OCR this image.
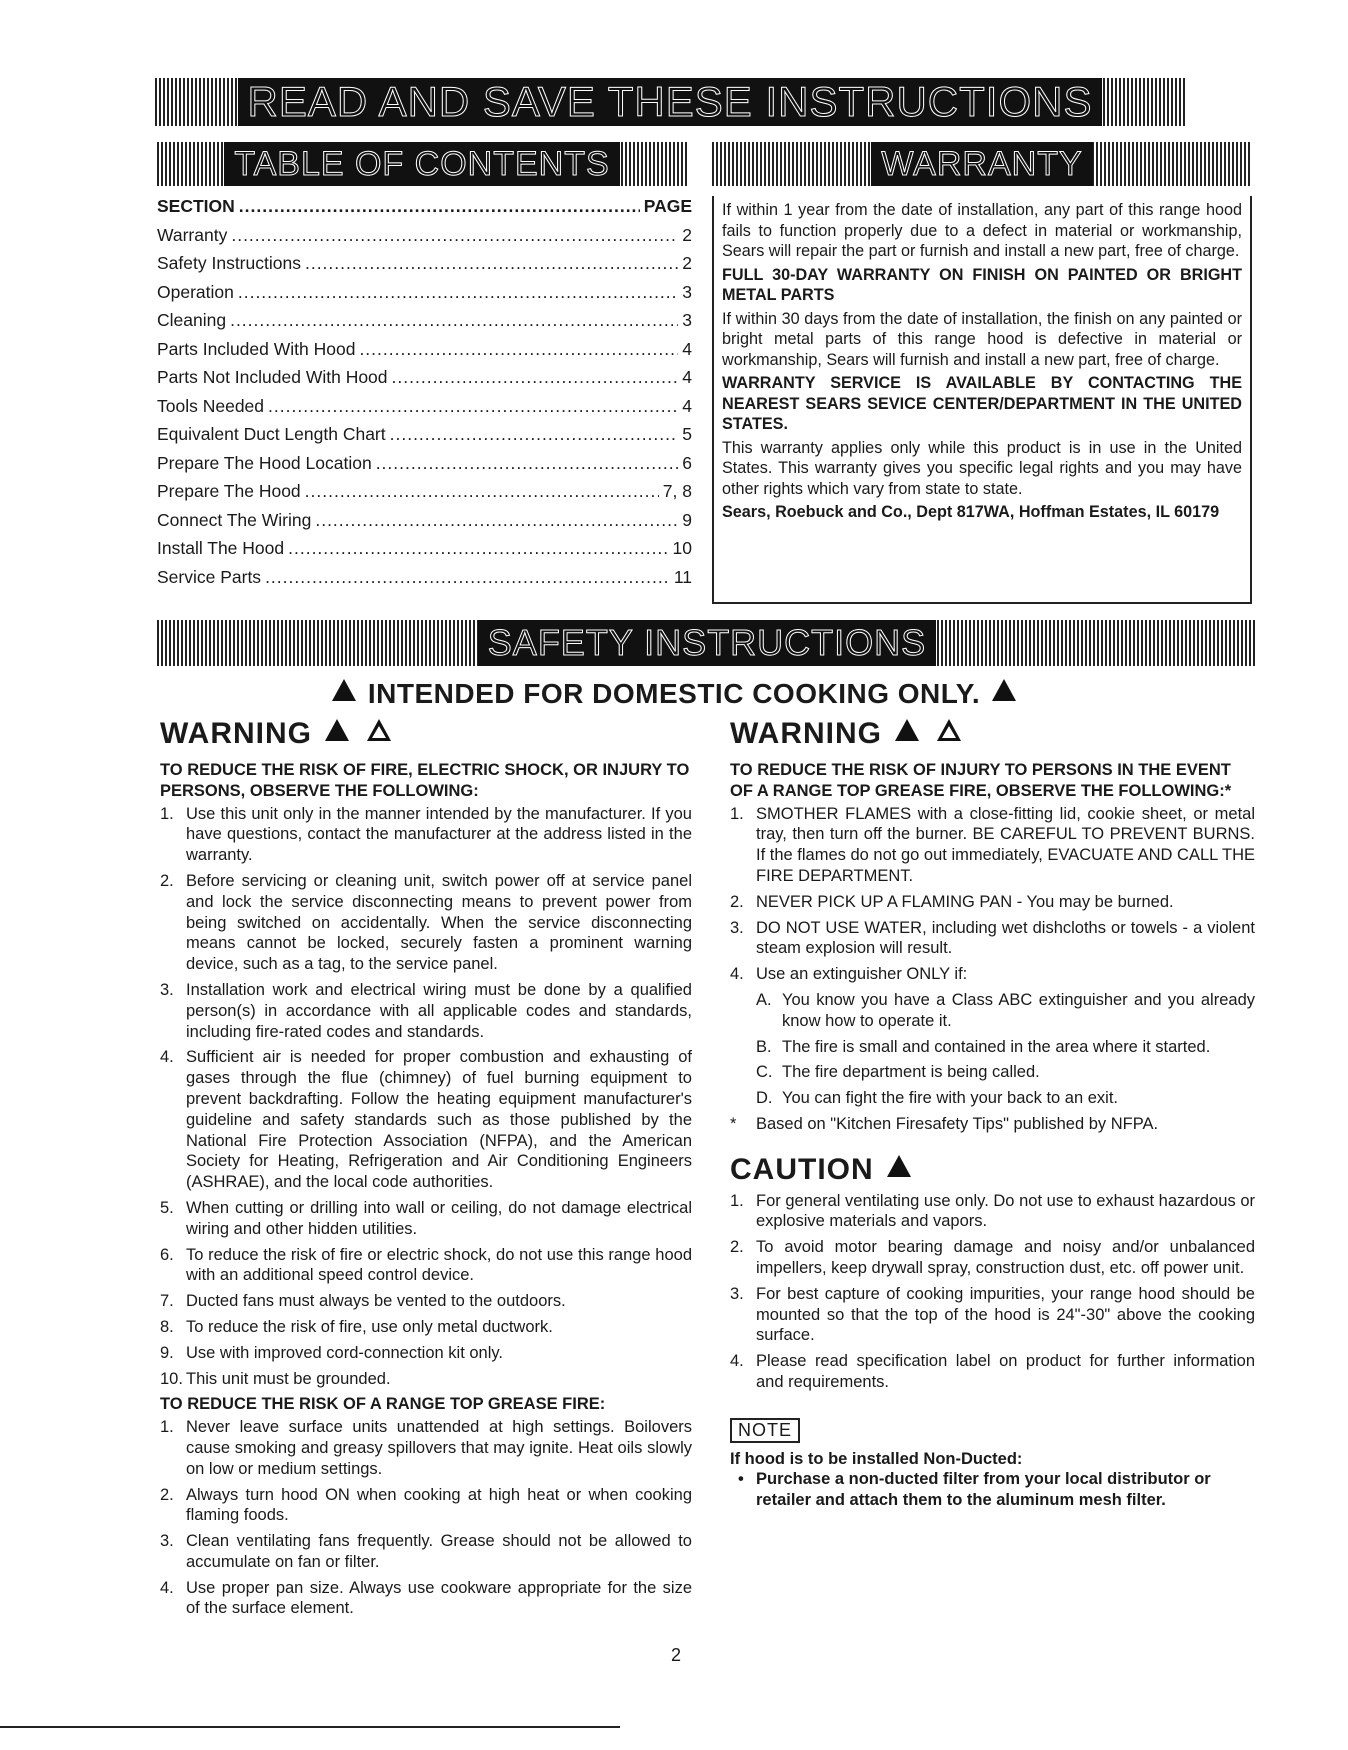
READ AND SAVE THESE INSTRUCTIONS
TABLE OF CONTENTS	WARRANTY
SECTION .....	PAGE
Warranty .....	2
Safety Instructions .....	2
Operation .....	3
Cleaning .....	3
Parts Included With Hood .....	4
Parts Not Included With Hood .....	4
Tools Needed .....	4
Equivalent Duct Length Chart .....	5
Prepare The Hood Location .....	6
Prepare The Hood .....	7, 8
Connect The Wiring .....	9
Install The Hood .....	10
Service Parts .....	11

If within 1 year from the date of installation, any part of this range hood fails to function properly due to a defect in material or workmanship, Sears will repair the part or furnish and install a new part, free of charge.

FULL 30-DAY WARRANTY ON FINISH ON PAINTED OR BRIGHT METAL PARTS

If within 30 days from the date of installation, the finish on any painted or bright metal parts of this range hood is defective in material or workmanship, Sears will furnish and install a new part, free of charge.

WARRANTY SERVICE IS AVAILABLE BY CONTACTING THE NEAREST SEARS SEVICE CENTER/DEPARTMENT IN THE UNITED STATES.

This warranty applies only while this product is in use in the United States. This warranty gives you specific legal rights and you may have other rights which vary from state to state.

Sears, Roebuck and Co., Dept 817WA, Hoffman Estates, IL 60179

SAFETY INSTRUCTIONS
INTENDED FOR DOMESTIC COOKING ONLY.
WARNING

TO REDUCE THE RISK OF FIRE, ELECTRIC SHOCK, OR INJURY TO PERSONS, OBSERVE THE FOLLOWING:

1. Use this unit only in the manner intended by the manufacturer. If you have questions, contact the manufacturer at the address listed in the warranty.
2. Before servicing or cleaning unit, switch power off at service panel and lock the service disconnecting means to prevent power from being switched on accidentally. When the service disconnecting means cannot be locked, securely fasten a prominent warning device, such as a tag, to the service panel.
3. Installation work and electrical wiring must be done by a qualified person(s) in accordance with all applicable codes and standards, including fire-rated codes and standards.
4. Sufficient air is needed for proper combustion and exhausting of gases through the flue (chimney) of fuel burning equipment to prevent backdrafting. Follow the heating equipment manufacturer's guideline and safety standards such as those published by the National Fire Protection Association (NFPA), and the American Society for Heating, Refrigeration and Air Conditioning Engineers (ASHRAE), and the local code authorities.
5. When cutting or drilling into wall or ceiling, do not damage electrical wiring and other hidden utilities.
6. To reduce the risk of fire or electric shock, do not use this range hood with an additional speed control device.
7. Ducted fans must always be vented to the outdoors.
8. To reduce the risk of fire, use only metal ductwork.
9. Use with improved cord-connection kit only.
10. This unit must be grounded.

TO REDUCE THE RISK OF A RANGE TOP GREASE FIRE:

1. Never leave surface units unattended at high settings. Boilovers cause smoking and greasy spillovers that may ignite. Heat oils slowly on low or medium settings.
2. Always turn hood ON when cooking at high heat or when cooking flaming foods.
3. Clean ventilating fans frequently. Grease should not be allowed to accumulate on fan or filter.
4. Use proper pan size. Always use cookware appropriate for the size of the surface element.
2
WARNING

TO REDUCE THE RISK OF INJURY TO PERSONS IN THE EVENT OF A RANGE TOP GREASE FIRE, OBSERVE THE FOLLOWING:*

1. SMOTHER FLAMES with a close-fitting lid, cookie sheet, or metal tray, then turn off the burner. BE CAREFUL TO PREVENT BURNS. If the flames do not go out immediately, EVACUATE AND CALL THE FIRE DEPARTMENT.
2. NEVER PICK UP A FLAMING PAN - You may be burned.
3. DO NOT USE WATER, including wet dishcloths or towels - a violent steam explosion will result.
4. Use an extinguisher ONLY if:
A. You know you have a Class ABC extinguisher and you already know how to operate it.
B. The fire is small and contained in the area where it started.
C. The fire department is being called.
D. You can fight the fire with your back to an exit.
* Based on "Kitchen Firesafety Tips" published by NFPA.
CAUTION
1. For general ventilating use only. Do not use to exhaust hazardous or explosive materials and vapors.
2. To avoid motor bearing damage and noisy and/or unbalanced impellers, keep drywall spray, construction dust, etc. off power unit.
3. For best capture of cooking impurities, your range hood should be mounted so that the top of the hood is 24"-30" above the cooking surface.
4. Please read specification label on product for further information and requirements.
NOTE

If hood is to be installed Non-Ducted:

• Purchase a non-ducted filter from your local distributor or retailer and attach them to the aluminum mesh filter.
